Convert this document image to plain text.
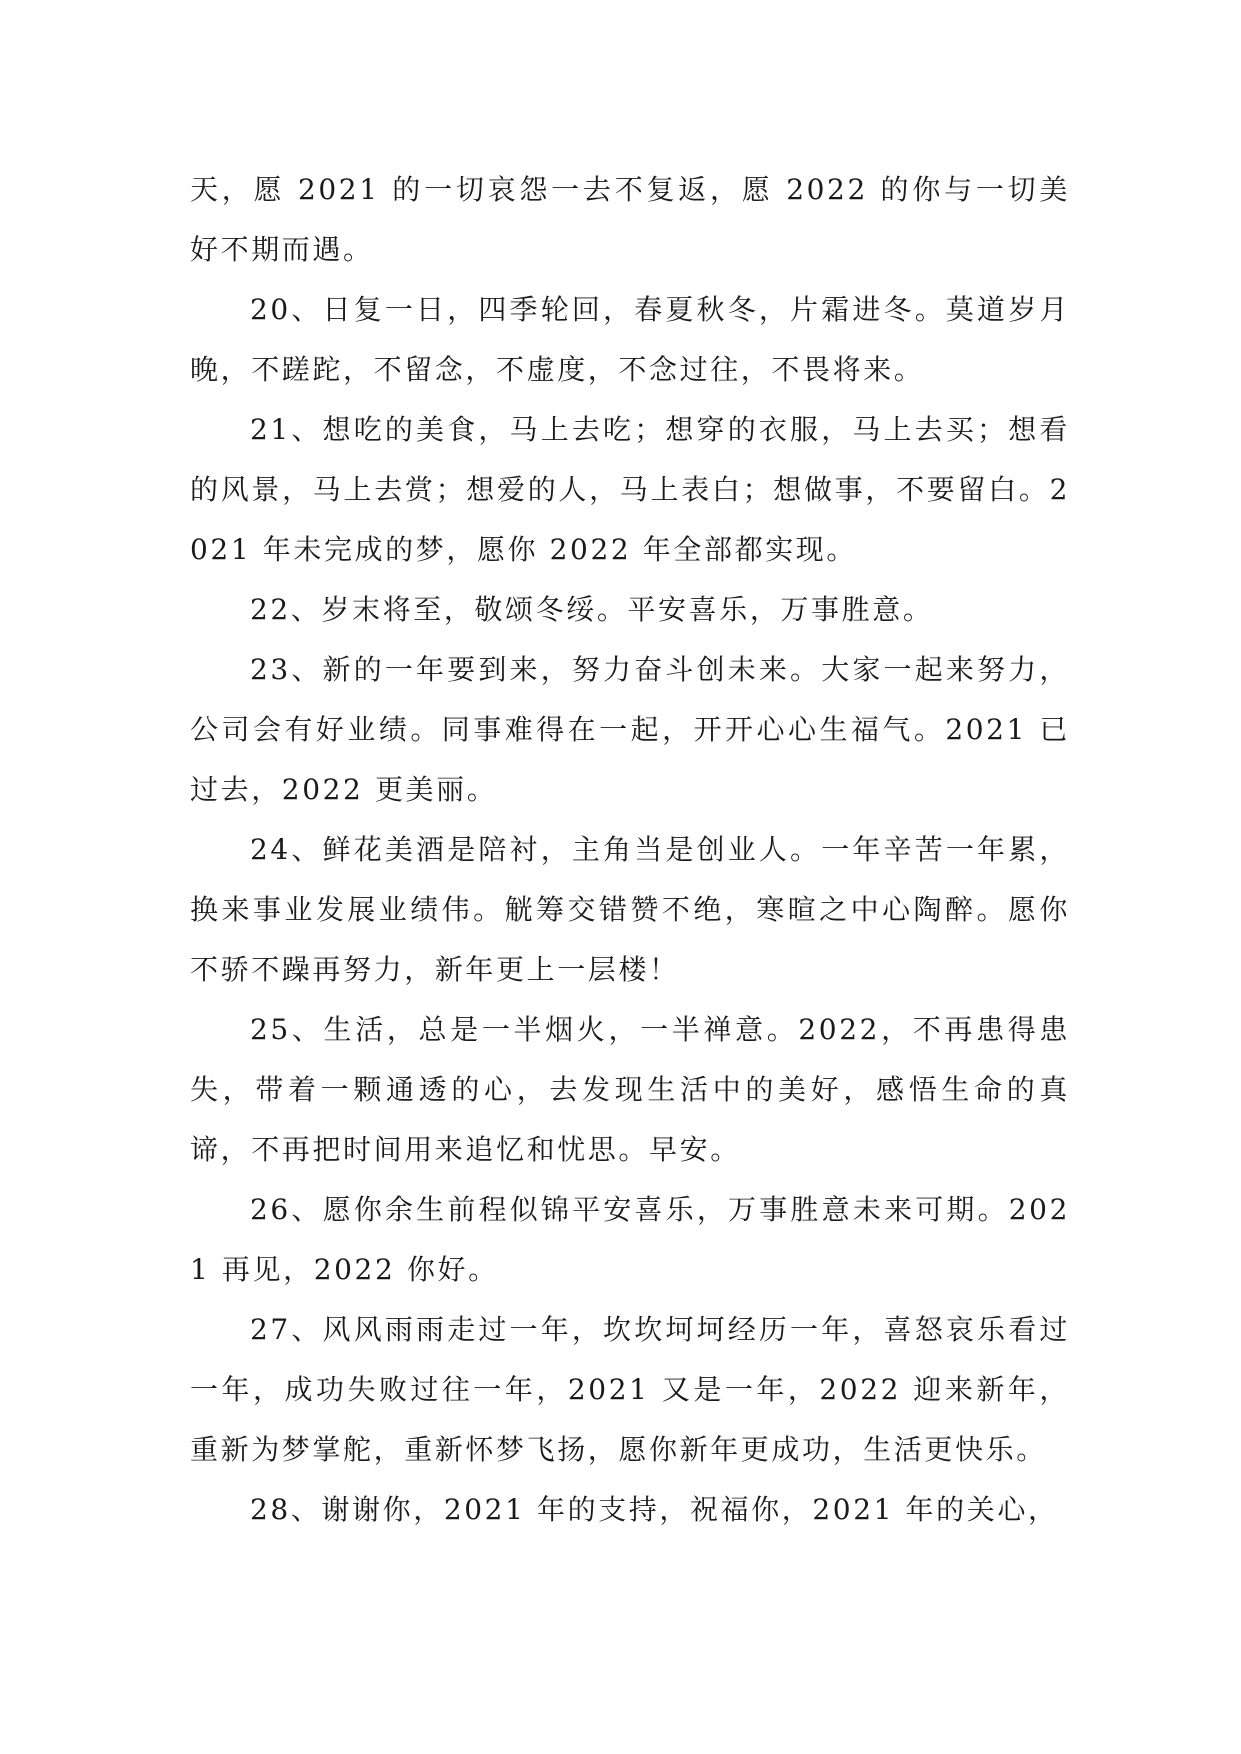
天，愿 2021 的一切哀怨一去不复返，愿 2022 的你与一切美好不期而遇。

20、日复一日，四季轮回，春夏秋冬，片霜进冬。莫道岁月晚，不蹉跎，不留念，不虚度，不念过往，不畏将来。

21、想吃的美食，马上去吃；想穿的衣服，马上去买；想看的风景，马上去赏；想爱的人，马上表白；想做事，不要留白。2021 年未完成的梦，愿你 2022 年全部都实现。

22、岁末将至，敬颂冬绥。平安喜乐，万事胜意。

23、新的一年要到来，努力奋斗创未来。大家一起来努力，公司会有好业绩。同事难得在一起，开开心心生福气。2021 已过去，2022 更美丽。

24、鲜花美酒是陪衬，主角当是创业人。一年辛苦一年累，换来事业发展业绩伟。觥筹交错赞不绝，寒暄之中心陶醉。愿你不骄不躁再努力，新年更上一层楼！

25、生活，总是一半烟火，一半禅意。2022，不再患得患失，带着一颗通透的心，去发现生活中的美好，感悟生命的真谛，不再把时间用来追忆和忧思。早安。

26、愿你余生前程似锦平安喜乐，万事胜意未来可期。2021 再见，2022 你好。

27、风风雨雨走过一年，坎坎坷坷经历一年，喜怒哀乐看过一年，成功失败过往一年，2021 又是一年，2022 迎来新年，重新为梦掌舵，重新怀梦飞扬，愿你新年更成功，生活更快乐。

28、谢谢你，2021 年的支持，祝福你，2021 年的关心，
